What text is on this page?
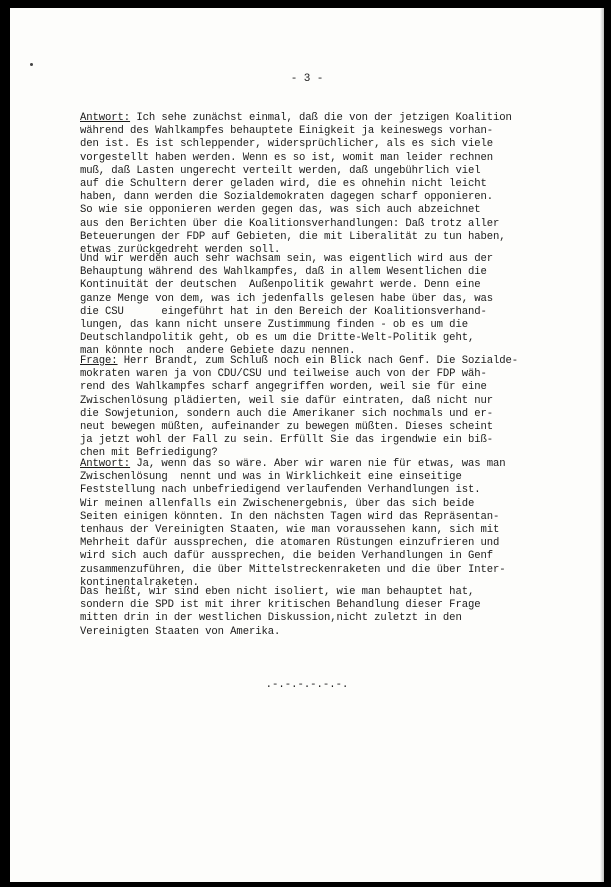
- 3 -
Antwort: Ich sehe zunächst einmal, daß die von der jetzigen Koalition
während des Wahlkampfes behauptete Einigkeit ja keineswegs vorhan-
den ist. Es ist schleppender, widersprüchlicher, als es sich viele
vorgestellt haben werden. Wenn es so ist, womit man leider rechnen
muß, daß Lasten ungerecht verteilt werden, daß ungebührlich viel
auf die Schultern derer geladen wird, die es ohnehin nicht leicht
haben, dann werden die Sozialdemokraten dagegen scharf opponieren.
So wie sie opponieren werden gegen das, was sich auch abzeichnet
aus den Berichten über die Koalitionsverhandlungen: Daß trotz aller
Beteuerungen der FDP auf Gebieten, die mit Liberalität zu tun haben,
etwas zurückgedreht werden soll.
Und wir werden auch sehr wachsam sein, was eigentlich wird aus der
Behauptung während des Wahlkampfes, daß in allem Wesentlichen die
Kontinuität der deutschen  Außenpolitik gewahrt werde. Denn eine
ganze Menge von dem, was ich jedenfalls gelesen habe über das, was
die CSU      eingeführt hat in den Bereich der Koalitionsverhand-
lungen, das kann nicht unsere Zustimmung finden - ob es um die
Deutschlandpolitik geht, ob es um die Dritte-Welt-Politik geht,
man könnte noch  andere Gebiete dazu nennen.
Frage: Herr Brandt, zum Schluß noch ein Blick nach Genf. Die Sozialde-
mokraten waren ja von CDU/CSU und teilweise auch von der FDP wäh-
rend des Wahlkampfes scharf angegriffen worden, weil sie für eine
Zwischenlösung plädierten, weil sie dafür eintraten, daß nicht nur
die Sowjetunion, sondern auch die Amerikaner sich nochmals und er-
neut bewegen müßten, aufeinander zu bewegen müßten. Dieses scheint
ja jetzt wohl der Fall zu sein. Erfüllt Sie das irgendwie ein biß-
chen mit Befriedigung?
Antwort: Ja, wenn das so wäre. Aber wir waren nie für etwas, was man
Zwischenlösung  nennt und was in Wirklichkeit eine einseitige
Feststellung nach unbefriedigend verlaufenden Verhandlungen ist.
Wir meinen allenfalls ein Zwischenergebnis, über das sich beide
Seiten einigen könnten. In den nächsten Tagen wird das Repräsentan-
tenhaus der Vereinigten Staaten, wie man voraussehen kann, sich mit
Mehrheit dafür aussprechen, die atomaren Rüstungen einzufrieren und
wird sich auch dafür aussprechen, die beiden Verhandlungen in Genf
zusammenzuführen, die über Mittelstreckenraketen und die über Inter-
kontinentalraketen.
Das heißt, wir sind eben nicht isoliert, wie man behauptet hat,
sondern die SPD ist mit ihrer kritischen Behandlung dieser Frage
mitten drin in der westlichen Diskussion,nicht zuletzt in den
Vereinigten Staaten von Amerika.
.-.-.-.-.-.-.
